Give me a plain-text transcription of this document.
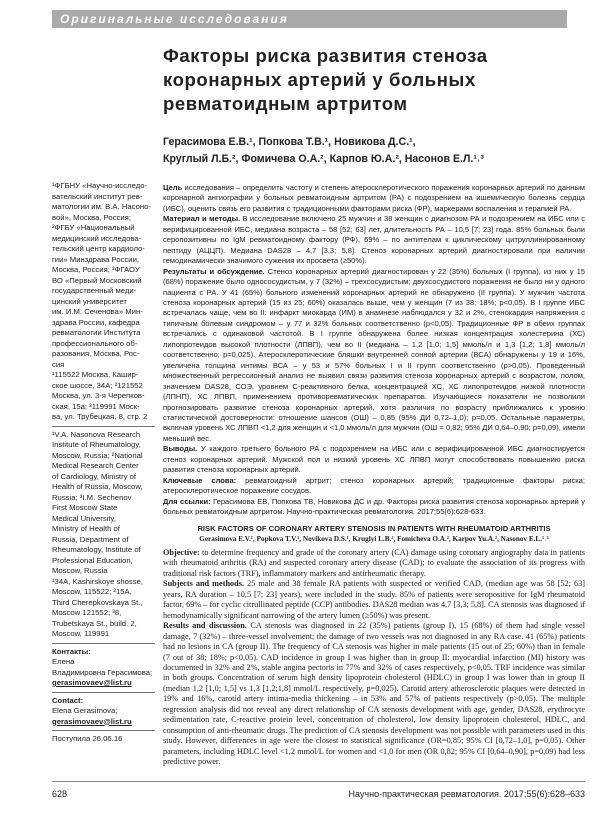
Оригинальные исследования
Факторы риска развития стеноза
коронарных артерий у больных
ревматоидным артритом
Герасимова Е.В.¹, Попкова Т.В.¹, Новикова Д.С.¹,
Круглый Л.Б.², Фомичева О.А.², Карпов Ю.А.², Насонов Е.Л.¹˒³
¹ФГБНУ «Научно-исследо-
вательский институт рев-
матологии им. В.А. Насоно-
вой», Москва, Россия;
²ФГБУ «Национальный
медицинский исследова-
тельский центр кардиоло-
гии» Минздрава России,
Москва, Россия; ³ФГАОУ
ВО «Первый Московский
государственный меди-
цинский университет
им. И.М. Сеченова» Мин-
здрава России, кафедра
ревматологии Института
профессионального об-
разования, Москва, Рос-
сия
¹115522 Москва, Кашир-
ское шоссе, 34А; ²121552
Москва, ул. 3-я Черепков-
ская, 15а; ³119991 Моск-
ва, ул. Трубецкая, 8, стр. 2
¹V.A. Nasonova Research
Institute of Rheumatology,
Moscow, Russia; ²National
Medical Research Center
of Cardiology, Ministry of
Health of Russia, Moscow,
Russia; ³I.M. Sechenov
First Moscow State
Medical University,
Ministry of Health of
Russia, Department of
Rheumatology, Institute of
Professional Education,
Moscow, Russia
¹34A, Kashirskoye shosse,
Moscow, 115522; ²15A,
Third Cherepkovskaya St.,
Moscow 121552; ³8,
Trubetskaya St., build. 2,
Moscow, 119991
Контакты:
Елена
Владимировна Герасимова;
gerasimovaev@list.ru
Contact:
Elena Gerasimova;
gerasimovaev@list.ru
Поступила 26.06.16

Цель исследования – определить частоту и степень атеросклеротического поражения коронарных артерий по данным коронарной ангиографии у больных ревматоидным артритом (РА) с подозрением на ишемическую болезнь сердца (ИБС), оценить связь его развития с традиционными факторами риска (ФР), маркерами воспаления и терапией РА.

Материал и методы. В исследование включено 25 мужчин и 38 женщин с диагнозом РА и подозрением на ИБС или с верифицированной ИБС, медиана возраста – 58 [52; 63] лет, длительность РА – 10,5 [7; 23] года. 85% больных были серопозитивны по IgM ревматоидному фактору (РФ), 69% – по антителам к циклическому цитруллинированному пептиду (АЦЦП). Медиана DAS28 – 4,7 [3,3; 5,8]. Стеноз коронарных артерий диагностировали при наличии гемодинамически значимого сужения их просвета (≥50%).

Результаты и обсуждение. Стеноз коронарных артерий диагностирован у 22 (35%) больных (I группа), из них у 15 (68%) поражение было однососудистым, у 7 (32%) – трехсосудистым; двухсосудистого поражения не было ни у одного пациента с РА. У 41 (65%) больного изменений коронарных артерий не обнаружено (II группа). У мужчин частота стеноза коронарных артерий (15 из 25; 60%) оказалась выше, чем у женщин (7 из 38; 18%; р<0,05). В I группе ИБС встречалась чаще, чем во II: инфаркт миокарда (ИМ) в анамнезе наблюдался у 32 и 2%, стенокардия напряжения с типичным болевым синдромом – у 77 и 32% больных соответственно (р<0,05). Традиционные ФР в обеих группах встречались с одинаковой частотой. В I группе обнаружена более низкая концентрация холестерина (ХС) липопротеидов высокой плотности (ЛПВП), чем во II (медиана – 1,2 [1,0; 1,5] ммоль/л и 1,3 [1,2; 1,8] ммоль/л соответственно; р=0,025). Атеросклеротические бляшки внутренней сонной артерии (ВСА) обнаружены у 19 и 16%, увеличена толщина интимы ВСА – у 53 и 57% больных I и II групп соответственно (р>0,05). Проведенный множественный регрессионный анализ не выявил связи развития стеноза коронарных артерий с возрастом, полом, значением DAS28, СОЭ, уровнем С-реактивного белка, концентрацией ХС, ХС липопротеидов низкой плотности (ЛПНП), ХС ЛПВП, применением противоревматических препаратов. Изучающиеся показатели не позволили прогнозировать развитие стеноза коронарных артерий, хотя различия по возрасту приближались к уровню статистической достоверности: отношение шансов (ОШ) – 0,85 (95% ДИ 0,72–1,0); р=0,05. Остальные параметры, включая уровень ХС ЛПВП <1,2 для женщин и <1,0 ммоль/л для мужчин (ОШ = 0,82; 95% ДИ 0,64–0,90; р=0,09), имели меньший вес.

Выводы. У каждого третьего больного РА с подозрением на ИБС или с верифицированной ИБС диагностируется стеноз коронарных артерий. Мужской пол и низкий уровень ХС ЛПВП могут способствовать повышению риска развития стеноза коронарных артерий.

Ключевые слова: ревматоидный артрит; стеноз коронарных артерий; традиционные факторы риска; атеросклеротическое поражение сосудов.

Для ссылки: Герасимова ЕВ, Попкова ТВ, Новикова ДС и др. Факторы риска развития стеноза коронарных артерий у больных ревматоидным артритом. Научно-практическая ревматология. 2017;55(6):628-633.

RISK FACTORS OF CORONARY ARTERY STENOSIS IN PATIENTS WITH RHEUMATOID ARTHRITIS
Gerasimova E.V.¹, Popkova T.V.¹, Novikova D.S.¹, Kruglyi L.B.², Fomicheva O.A.², Karpov Yu.A.², Nasonov E.L.¹˒³

Objective: to determine frequency and grade of the coronary artery (CA) damage using coronary angiography data in patients with rheumatoid arthritis (RA) and suspected coronary artery disease (CAD); to evaluate the association of its progress with traditional risk factors (TRF), inflammatory markers and antirheumatic therapy.

Subjects and methods. 25 male and 38 female RA patients with suspected or verified CAD, (median age was 58 [52; 63] years, RA duration – 10,5 [7; 23] years), were included in the study. 85% of patients were seropositive for IgM rheumatoid factor, 69% – for cyclic citrullinated peptide (CCP) antibodies. DAS28 median was 4,7 [3,3; 5,8]. CA stenosis was diagnosed if hemodynamically significant narrowing of the artery lumen (≥50%) was present.

Results and discussion. CA stenosis was diagnosed in 22 (35%) patients (group I), 15 (68%) of them had single vessel damage, 7 (32%) – three-vessel involvement; the damage of two vessels was not diagnosed in any RA case. 41 (65%) patients had no lesions in CA (group II). The frequency of CA stenosis was higher in male patients (15 out of 25; 60%) than in female (7 out of 38; 18%; p<0,05). CAD incidence in group I was higher than in group II: myocardial infarction (MI) history was documented in 32% and 2%, stable angina pectoris in 77% and 32% of cases respectively, p<0,05. TRF incidence was similar in both groups. Concentration of serum high density lipoprotein cholesterol (HDLC) in group I was lower than in group II (median 1,2 [1,0; 1,5] vs 1,3 [1,2;1,8] mmol/L respectively, p=0,025). Carotid artery atherosclerotic plaques were detected in 19% and 16%, carotid artery intima-media thickening – in 53% and 57% of patients respectively (p>0,05). The multiple regression analysis did not reveal any direct relationship of CA stenosis development with age, gender, DAS28, erythrocyte sedimentation rate, C-reactive protein level, concentration of cholesterol, low density lipoprotein cholesterol, HDLC, and consumption of anti-rheumatic drugs. The prediction of CA stenosis development was not possible with parameters used in this study. However, differences in age were the closest to statistical significance (OR=0,85; 95% CI [0,72–1,0], p=0,05). Other parameters, including HDLC level <1,2 mmol/L for women and <1,0 for men (OR 0,82; 95% CI [0,64–0,90], p=0,09) had less predictive power.

628	Научно-практическая ревматология. 2017;55(6):628–633
